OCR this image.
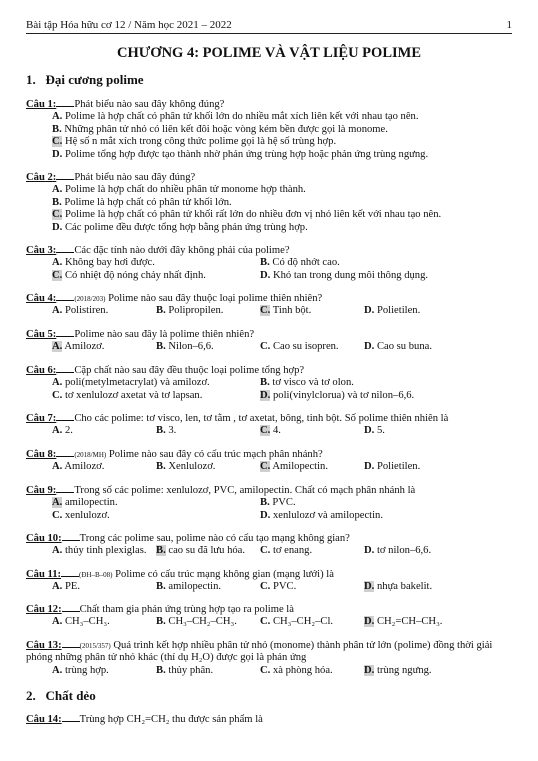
Bài tập Hóa hữu cơ 12 / Năm học 2021 – 2022	1
CHƯƠNG 4: POLIME VÀ VẬT LIỆU POLIME
1. Đại cương polime
Câu 1: Phát biểu nào sau đây không đúng?
A. Polime là hợp chất có phân tử khối lớn do nhiều mắt xích liên kết với nhau tạo nên.
B. Những phân tử nhỏ có liên kết đôi hoặc vòng kém bền được gọi là monome.
C. Hệ số n mắt xích trong công thức polime gọi là hệ số trùng hợp.
D. Polime tổng hợp được tạo thành nhờ phản ứng trùng hợp hoặc phản ứng trùng ngưng.
Câu 2: Phát biểu nào sau đây đúng?
A. Polime là hợp chất do nhiều phân tử monome hợp thành.
B. Polime là hợp chất có phân tử khối lớn.
C. Polime là hợp chất có phân tử khối rất lớn do nhiều đơn vị nhỏ liên kết với nhau tạo nên.
D. Các polime đều được tổng hợp bằng phản ứng trùng hợp.
Câu 3: Các đặc tính nào dưới đây không phải của polime?
A. Không bay hơi được.	B. Có độ nhớt cao.
C. Có nhiệt độ nóng chảy nhất định.	D. Khó tan trong dung môi thông dụng.
Câu 4:	(2018/203) Polime nào sau đây thuộc loại polime thiên nhiên?
A. Polistiren.	B. Polipropilen.	C. Tinh bột.	D. Polietilen.
Câu 5: Polime nào sau đây là polime thiên nhiên?
A. Amilozơ.	B. Nilon–6,6.	C. Cao su isopren.	D. Cao su buna.
Câu 6: Cặp chất nào sau đây đều thuộc loại polime tổng hợp?
A. poli(metylmetacrylat) và amilozơ.	B. tơ visco và tơ olon.
C. tơ xenlulozơ axetat và tơ lapsan.	D. poli(vinylclorua) và tơ nilon–6,6.
Câu 7: Cho các polime: tơ visco, len, tơ tằm , tơ axetat, bông, tinh bột. Số polime thiên nhiên là
A. 2.	B. 3.	C. 4.	D. 5.
Câu 8:	(2018/MH) Polime nào sau đây có cấu trúc mạch phân nhánh?
A. Amilozơ.	B. Xenlulozơ.	C. Amilopectin.	D. Polietilen.
Câu 9: Trong số các polime: xenlulozơ, PVC, amilopectin. Chất có mạch phân nhánh là
A. amilopectin.	B. PVC.
C. xenlulozơ.	D. xenlulozơ và amilopectin.
Câu 10: Trong các polime sau, polime nào có cấu tạo mạng không gian?
A. thủy tinh plexiglas. B. cao su đã lưu hóa.	C. tơ enang.	D. tơ nilon–6,6.
Câu 11:	(ĐH–B–08) Polime có cấu trúc mạng không gian (mạng lưới) là
A. PE.	B. amilopectin.	C. PVC.	D. nhựa bakelit.
Câu 12: Chất tham gia phản ứng trùng hợp tạo ra polime là
A. CH₃–CH₃.	B. CH₃–CH₂–CH₃.	C. CH₃–CH₂–Cl.	D. CH₂=CH–CH₃.
Câu 13:	(2015/357) Quá trình kết hợp nhiều phân tử nhỏ (monome) thành phân tử lớn (polime) đồng thời giải phóng những phân tử nhỏ khác (thí dụ H₂O) được gọi là phản ứng
A. trùng hợp.	B. thủy phân.	C. xà phòng hóa.	D. trùng ngưng.
2. Chất dẻo
Câu 14: Trùng hợp CH₂=CH₂ thu được sản phẩm là
